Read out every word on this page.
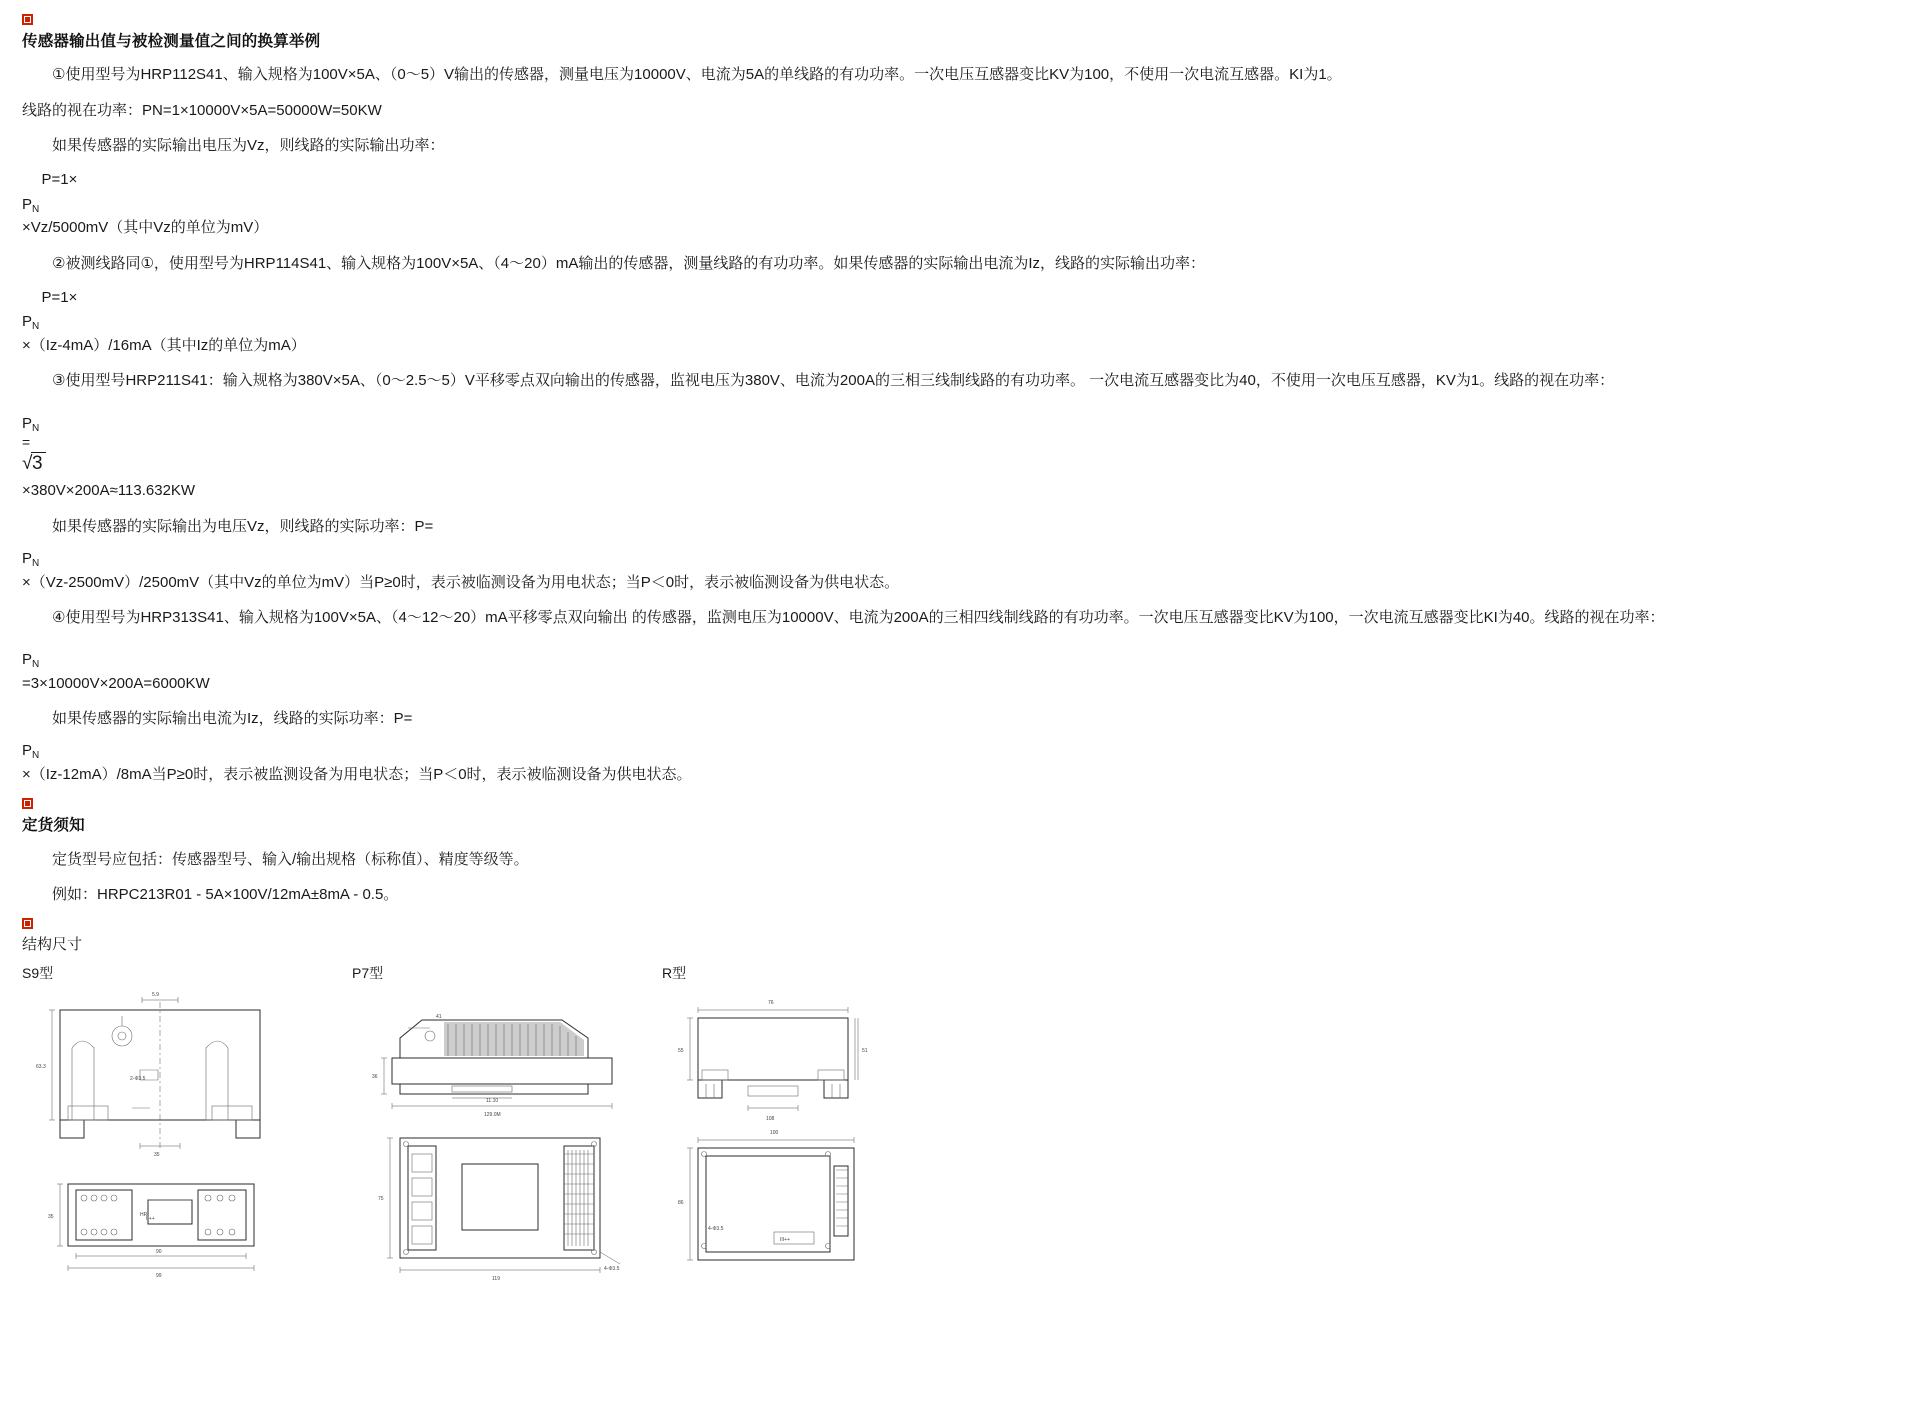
传感器输出值与被检测量值之间的换算举例

①使用型号为HRP112S41、输入规格为100V×5A、（0～5）V输出的传感器，测量电压为10000V、电流为5A的单线路的有功功率。一次电压互感器变比KV为100，不使用一次电流互感器。KI为1。

线路的视在功率：PN=1×10000V×5A=50000W=50KW

如果传感器的实际输出电压为Vz，则线路的实际输出功率：

P=1×
$P_N$

×Vz/5000mV（其中Vz的单位为mV）

②被测线路同①，使用型号为HRP114S41、输入规格为100V×5A、（4～20）mA输出的传感器，测量线路的有功功率。如果传感器的实际输出电流为Iz，线路的实际输出功率：

P=1×
$P_N$

×（Iz-4mA）/16mA（其中Iz的单位为mA）

③使用型号HRP211S41：输入规格为380V×5A、（0～2.5～5）V平移零点双向输出的传感器，监视电压为380V、电流为200A的三相三线制线路的有功功率。 一次电流互感器变比为40，不使用一次电压互感器，KV为1。线路的视在功率：

$P_N$
=
√3

×380V×200A≈113.632KW

如果传感器的实际输出为电压Vz，则线路的实际功率：P=

$P_N$

×（Vz-2500mV）/2500mV（其中Vz的单位为mV）当P≥0时，表示被临测设备为用电状态；当P＜0时，表示被临测设备为供电状态。

④使用型号为HRP313S41、输入规格为100V×5A、（4～12～20）mA平移零点双向输出 的传感器，监测电压为10000V、电流为200A的三相四线制线路的有功功率。一次电压互感器变比KV为100，一次电流互感器变比KI为40。线路的视在功率：

$P_N$

=3×10000V×200A=6000KW

如果传感器的实际输出电流为Iz，线路的实际功率：P=

$P_N$

×（Iz-12mA）/8mA当P≥0时，表示被监测设备为用电状态；当P＜0时，表示被临测设备为供电状态。

定货须知

定货型号应包括：传感器型号、输入/输出规格（标称值）、精度等级等。

例如：HRPC213R01 - 5A×100V/12mA±8mA - 0.5。

结构尺寸
S9型
5.9
63.3
35
2-Φ3.5
35
90
99
II++
HR
P7型
36
11.10
129.0M
41
75
119
4-Φ3.5
R型
76
55	51
108
100
86
4-Φ3.5
III++
